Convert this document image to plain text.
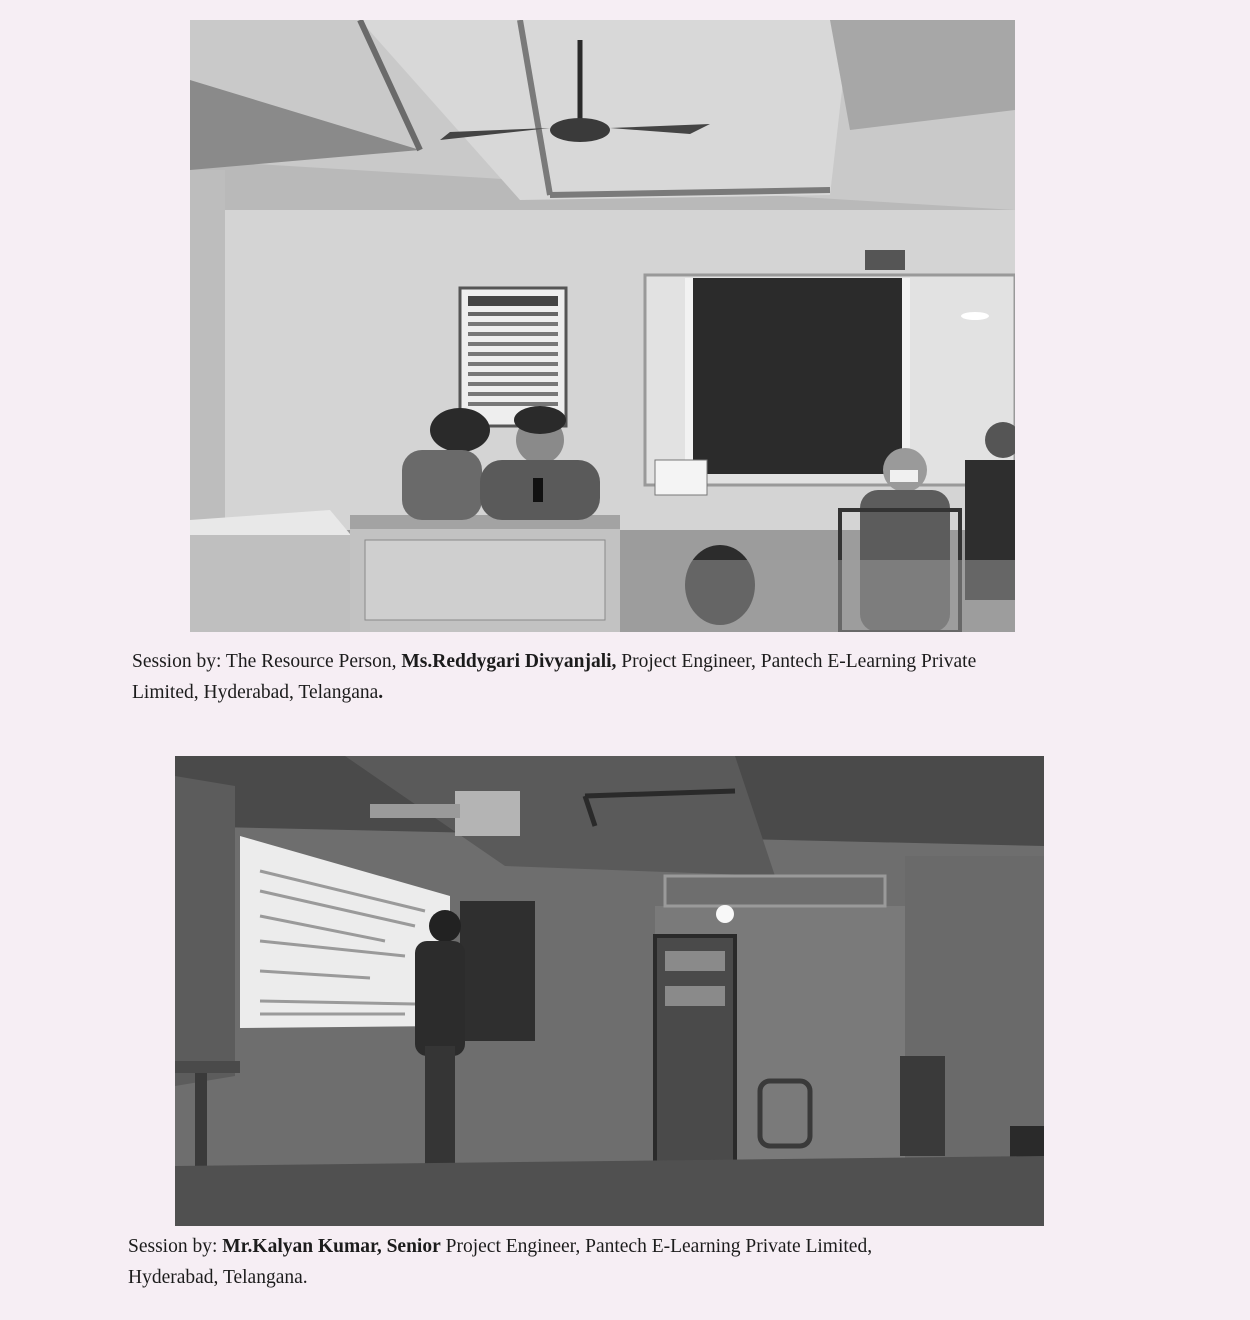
Session by: The Resource Person, Ms.Reddygari Divyanjali, Project Engineer, Pantech E-Learning Private
Limited, Hyderabad, Telangana.

Session by: Mr.Kalyan Kumar, Senior Project Engineer, Pantech E-Learning Private Limited,
Hyderabad, Telangana.
